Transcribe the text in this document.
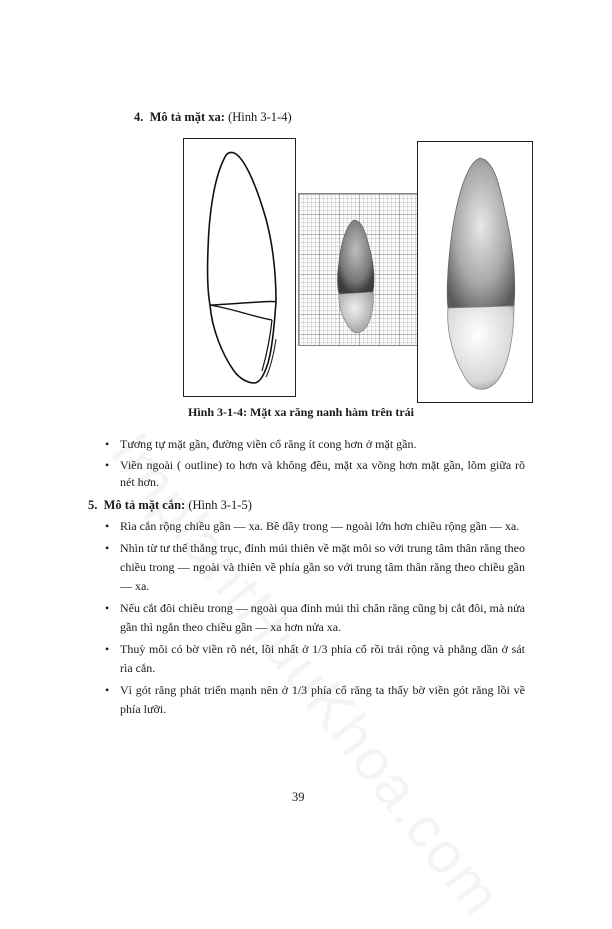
4. Mô tả mặt xa: (Hình 3-1-4)
Hình 3-1-4: Mặt xa răng nanh hàm trên trái
• Tương tự mặt gần, đường viền cổ răng ít cong hơn ở mặt gần.
• Viền ngoài ( outline) to hơn và không đều, mặt xa võng hơn mặt gần, lõm giữa rõ nét hơn.
5. Mô tả mặt cắn: (Hình 3-1-5)
• Rìa cắn rộng chiều gần — xa. Bề dầy trong — ngoài lớn hơn chiều rộng gần — xa.
• Nhìn từ tư thế thẳng trục, đỉnh múi thiên về mặt môi so với trung tâm thân răng theo chiều trong — ngoài và thiên về phía gần so với trung tâm thân răng theo chiều gần — xa.
• Nếu cắt đôi chiều trong — ngoài qua đỉnh múi thì chân răng cũng bị cắt đôi, mà nửa gần thì ngắn theo chiều gần — xa hơn nửa xa.
• Thuỳ môi có bờ viền rõ nét, lồi nhất ở 1/3 phía cổ rồi trải rộng và phẳng dần ở sát rìa cắn.
• Vì gót răng phát triển mạnh nên ở 1/3 phía cổ răng ta thấy bờ viền gót răng lồi về phía lưỡi.
39
